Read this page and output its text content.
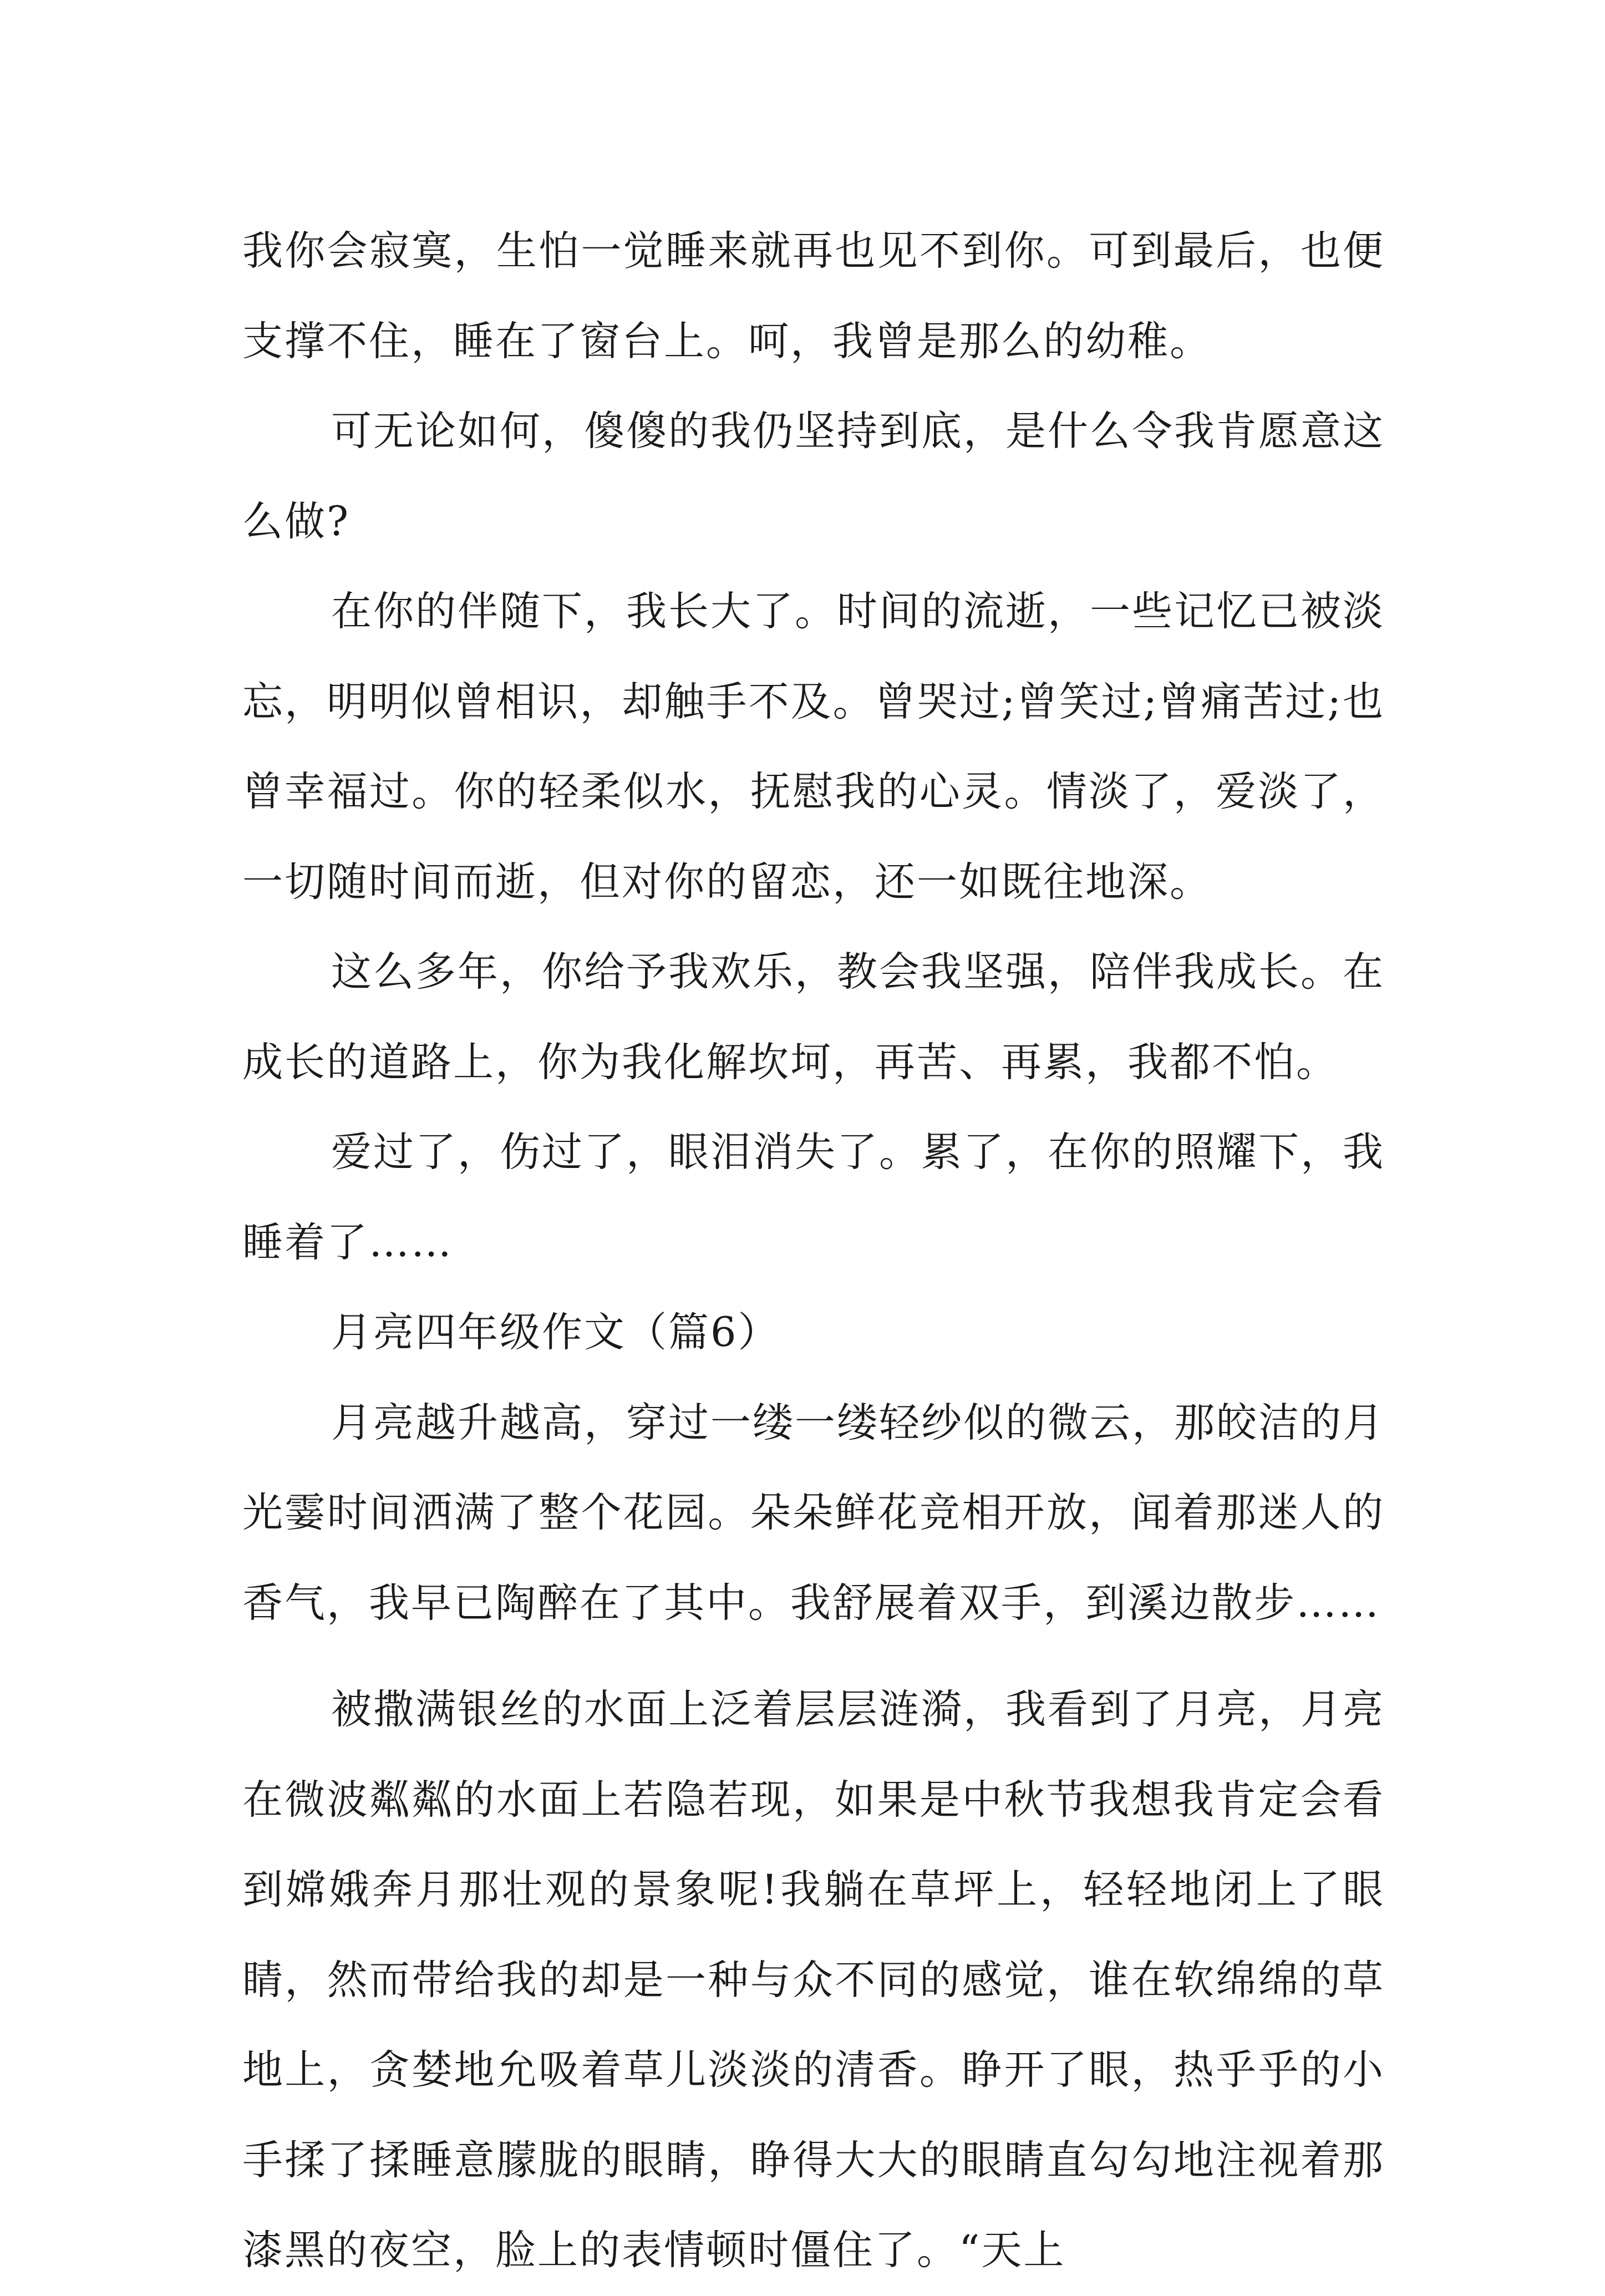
我你会寂寞，生怕一觉睡来就再也见不到你。可到最后，也便支撑不住，睡在了窗台上。呵，我曾是那么的幼稚。

可无论如何，傻傻的我仍坚持到底，是什么令我肯愿意这么做?

在你的伴随下，我长大了。时间的流逝，一些记忆已被淡忘，明明似曾相识，却触手不及。曾哭过;曾笑过;曾痛苦过;也曾幸福过。你的轻柔似水，抚慰我的心灵。情淡了，爱淡了，一切随时间而逝，但对你的留恋，还一如既往地深。

这么多年，你给予我欢乐，教会我坚强，陪伴我成长。在成长的道路上，你为我化解坎坷，再苦、再累，我都不怕。

爱过了，伤过了，眼泪消失了。累了，在你的照耀下，我睡着了……

月亮四年级作文（篇6）

月亮越升越高，穿过一缕一缕轻纱似的微云，那皎洁的月光霎时间洒满了整个花园。朵朵鲜花竞相开放，闻着那迷人的香气，我早已陶醉在了其中。我舒展着双手，到溪边散步……

被撒满银丝的水面上泛着层层涟漪，我看到了月亮，月亮在微波粼粼的水面上若隐若现，如果是中秋节我想我肯定会看到嫦娥奔月那壮观的景象呢!我躺在草坪上，轻轻地闭上了眼睛，然而带给我的却是一种与众不同的感觉，谁在软绵绵的草地上，贪婪地允吸着草儿淡淡的清香。睁开了眼，热乎乎的小手揉了揉睡意朦胧的眼睛，睁得大大的眼睛直勾勾地注视着那漆黑的夜空，脸上的表情顿时僵住了。“天上
